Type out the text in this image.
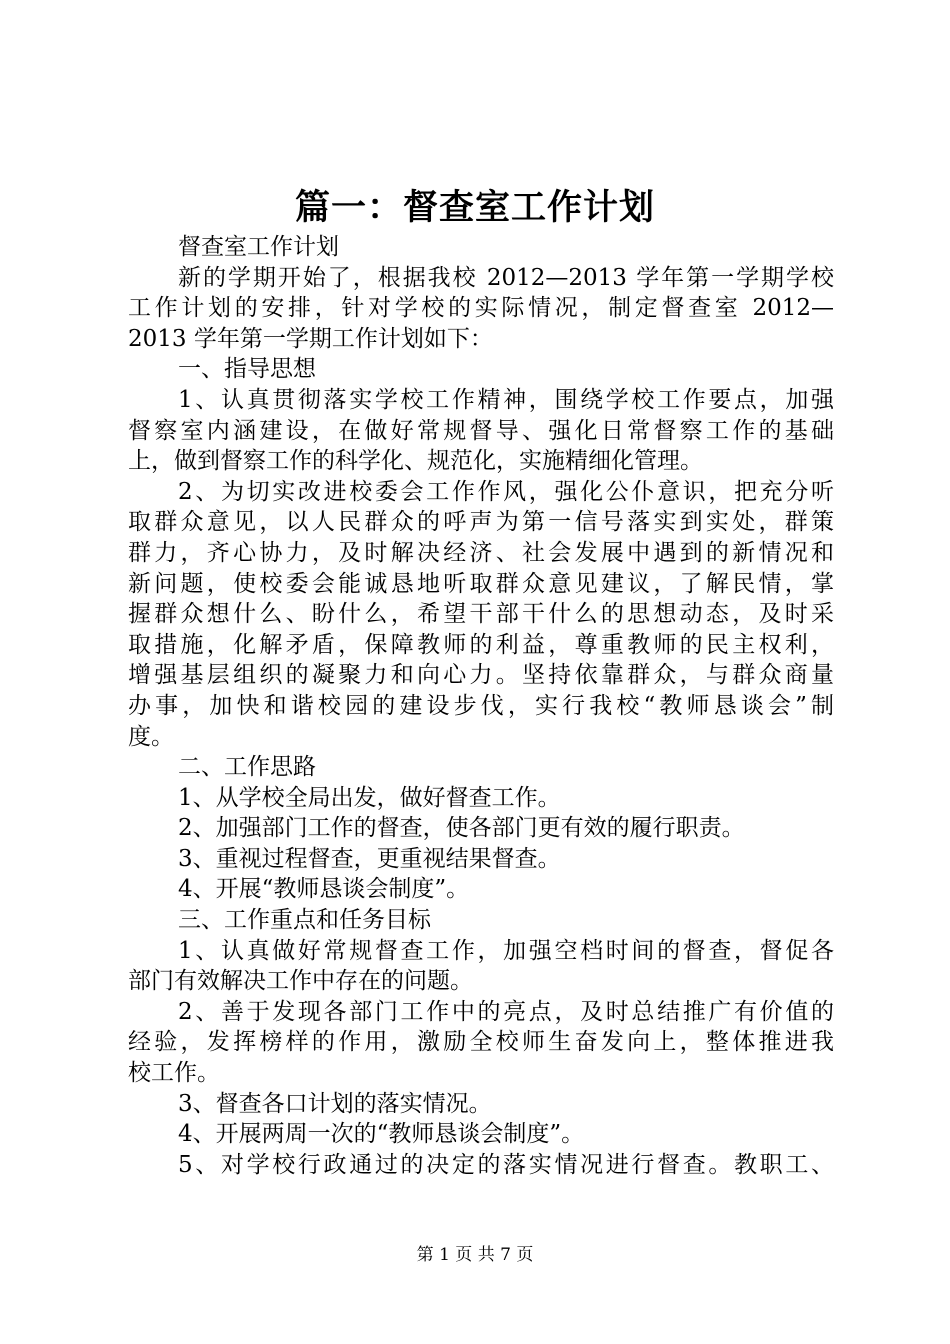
篇一：督查室工作计划
督查室工作计划
新的学期开始了，根据我校 2012—2013 学年第一学期学校
工作计划的安排，针对学校的实际情况，制定督查室 2012—
2013 学年第一学期工作计划如下：
一、指导思想
1、认真贯彻落实学校工作精神，围绕学校工作要点，加强
督察室内涵建设，在做好常规督导、强化日常督察工作的基础
上，做到督察工作的科学化、规范化，实施精细化管理。
2、为切实改进校委会工作作风，强化公仆意识，把充分听
取群众意见，以人民群众的呼声为第一信号落实到实处，群策
群力，齐心协力，及时解决经济、社会发展中遇到的新情况和
新问题，使校委会能诚恳地听取群众意见建议，了解民情，掌
握群众想什么、盼什么，希望干部干什么的思想动态，及时采
取措施，化解矛盾，保障教师的利益，尊重教师的民主权利，
增强基层组织的凝聚力和向心力。坚持依靠群众，与群众商量
办事，加快和谐校园的建设步伐，实行我校“教师恳谈会”制
度。
二、工作思路
1、从学校全局出发，做好督查工作。
2、加强部门工作的督查，使各部门更有效的履行职责。
3、重视过程督查，更重视结果督查。
4、开展“教师恳谈会制度”。
三、工作重点和任务目标
1、认真做好常规督查工作，加强空档时间的督查，督促各
部门有效解决工作中存在的问题。
2、善于发现各部门工作中的亮点，及时总结推广有价值的
经验，发挥榜样的作用，激励全校师生奋发向上，整体推进我
校工作。
3、督查各口计划的落实情况。
4、开展两周一次的“教师恳谈会制度”。
5、对学校行政通过的决定的落实情况进行督查。教职工、
第 1 页 共 7 页
